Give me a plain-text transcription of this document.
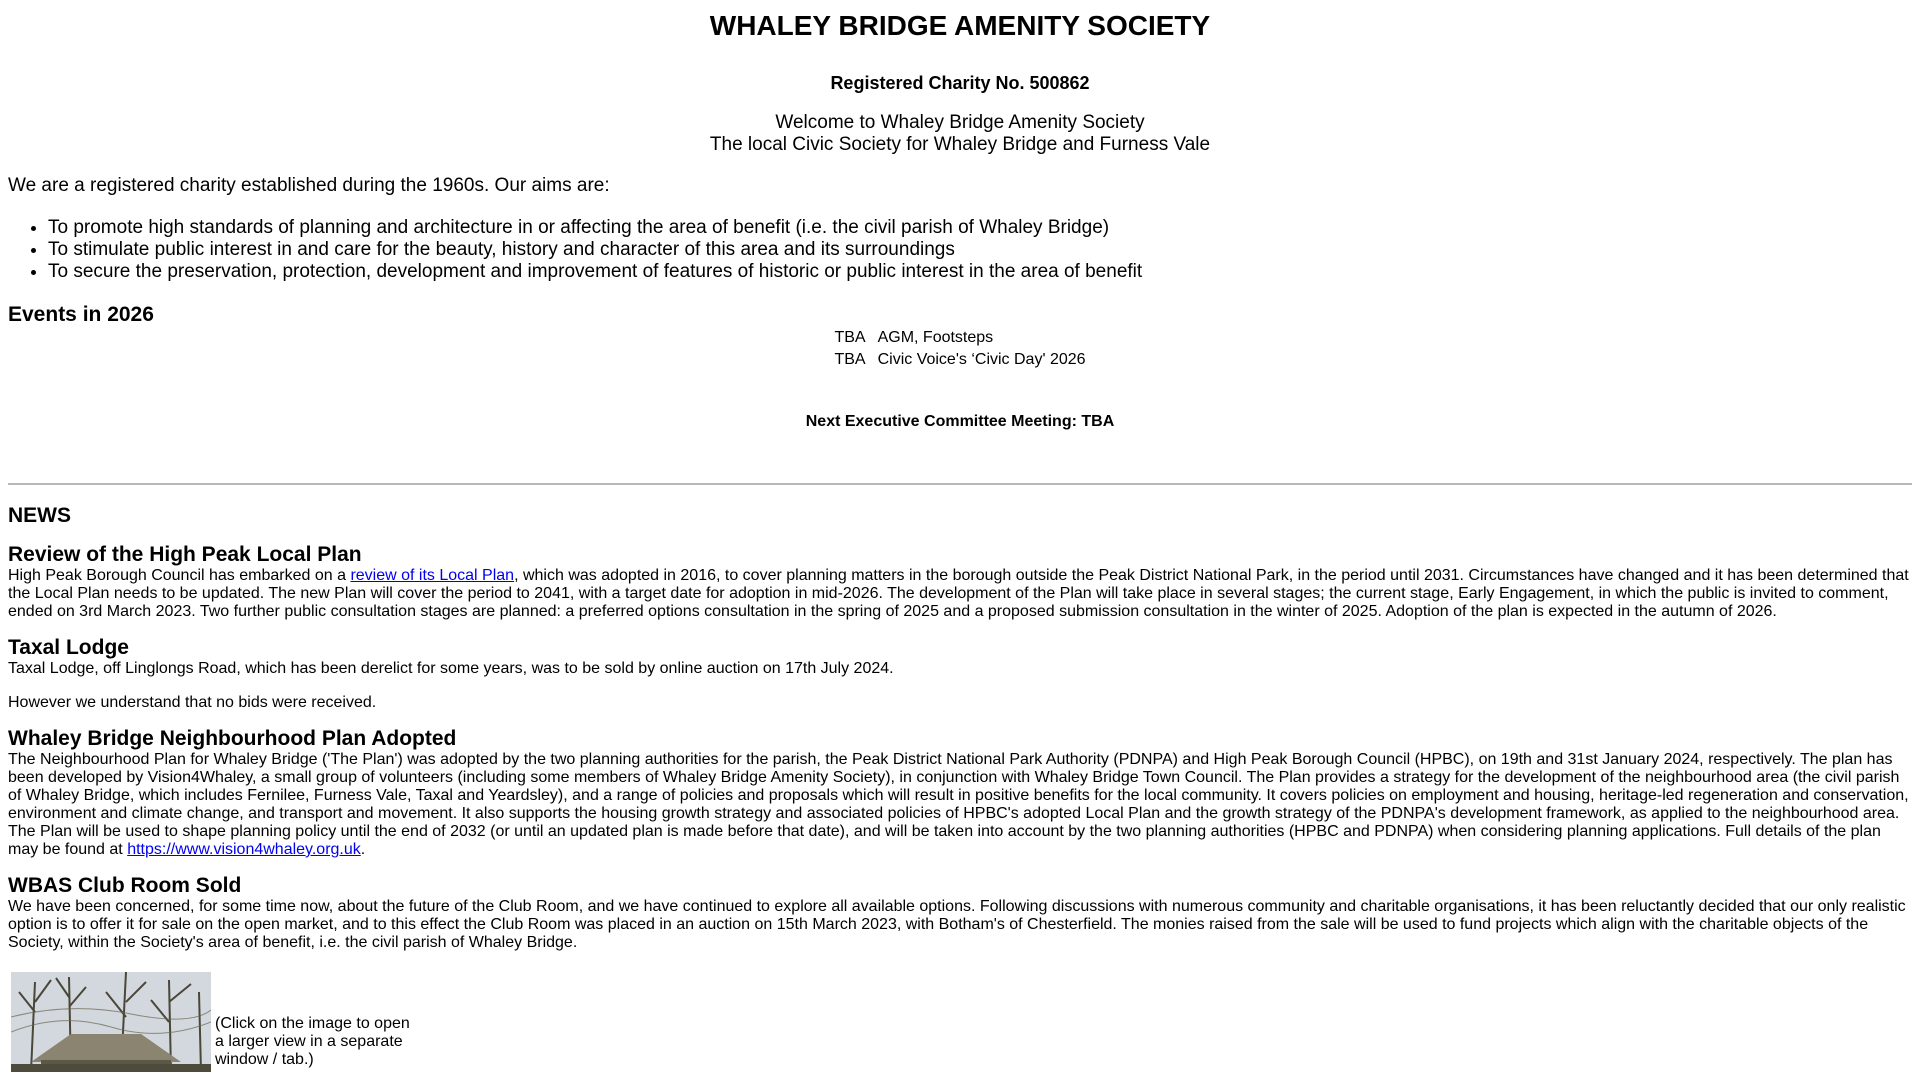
WHALEY BRIDGE AMENITY SOCIETY
Registered Charity No. 500862
Welcome to Whaley Bridge Amenity Society
The local Civic Society for Whaley Bridge and Furness Vale

We are a registered charity established during the 1960s. Our aims are:

• To promote high standards of planning and architecture in or affecting the area of benefit (i.e. the civil parish of Whaley Bridge)
• To stimulate public interest in and care for the beauty, history and character of this area and its surroundings
• To secure the preservation, protection, development and improvement of features of historic or public interest in the area of benefit
Events in 2026
TBA	AGM, Footsteps
TBA	Civic Voice's ‘Civic Day' 2026
Next Executive Committee Meeting: TBA
NEWS
Review of the High Peak Local Plan

High Peak Borough Council has embarked on a review of its Local Plan, which was adopted in 2016, to cover planning matters in the borough outside the Peak District National Park, in the period until 2031. Circumstances have changed and it has been determined that the Local Plan needs to be updated. The new Plan will cover the period to 2041, with a target date for adoption in mid-2026. The development of the Plan will take place in several stages; the current stage, Early Engagement, in which the public is invited to comment, ended on 3rd March 2023. Two further public consultation stages are planned: a preferred options consultation in the spring of 2025 and a proposed submission consultation in the winter of 2025. Adoption of the plan is expected in the autumn of 2026.

Taxal Lodge

Taxal Lodge, off Linglongs Road, which has been derelict for some years, was to be sold by online auction on 17th July 2024.

However we understand that no bids were received.

Whaley Bridge Neighbourhood Plan Adopted

The Neighbourhood Plan for Whaley Bridge ('The Plan') was adopted by the two planning authorities for the parish, the Peak District National Park Authority (PDNPA) and High Peak Borough Council (HPBC), on 19th and 31st January 2024, respectively. The plan has been developed by Vision4Whaley, a small group of volunteers (including some members of Whaley Bridge Amenity Society), in conjunction with Whaley Bridge Town Council. The Plan provides a strategy for the development of the neighbourhood area (the civil parish of Whaley Bridge, which includes Fernilee, Furness Vale, Taxal and Yeardsley), and a range of policies and proposals which will result in positive benefits for the local community. It covers policies on employment and housing, heritage-led regeneration and conservation, environment and climate change, and transport and movement. It also supports the housing growth strategy and associated policies of HPBC's adopted Local Plan and the growth strategy of the PDNPA's development framework, as applied to the neighbourhood area. The Plan will be used to shape planning policy until the end of 2032 (or until an updated plan is made before that date), and will be taken into account by the two planning authorities (HPBC and PDNPA) when considering planning applications. Full details of the plan may be found at https://www.vision4whaley.org.uk.

WBAS Club Room Sold

We have been concerned, for some time now, about the future of the Club Room, and we have continued to explore all available options. Following discussions with numerous community and charitable organisations, it has been reluctantly decided that our only realistic option is to offer it for sale on the open market, and to this effect the Club Room was placed in an auction on 15th March 2023, with Botham's of Chesterfield. The monies raised from the sale will be used to fund projects which align with the charitable objects of the Society, within the Society's area of benefit, i.e. the civil parish of Whaley Bridge.

(Click on the image to open a larger view in a separate window / tab.)
